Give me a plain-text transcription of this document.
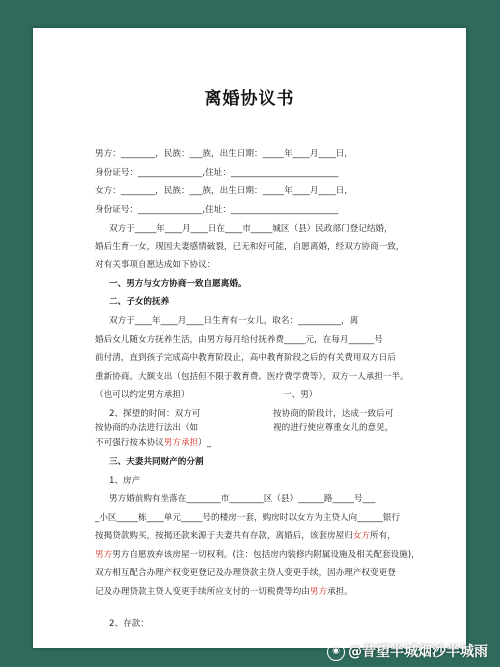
离婚协议书
男方：________，民族：___族，出生日期：_____年____月____日，
身份证号：_______________,住址：_________________________
女方：________，民族：___族，出生日期：_____年____月____日，
身份证号：_______________,住址：_________________________
双方于_____年____月____日在____市_____城区（县）民政部门登记结婚，
婚后生育一女，现因夫妻感情破裂，已无和好可能，自愿离婚，经双方协商一致，
对有关事项自愿达成如下协议：
一、男方与女方协商一致自愿离婚。
二、子女的抚养
双方于____年____月____日生育有一女儿，取名：__________，离
婚后女儿随女方抚养生活，由男方每月给付抚养费_____元，在每月______号
前付清，直到孩子完成高中教育阶段止，高中教育阶段之后的有关费用双方日后
重新协商。大额支出（包括但不限于教育费、医疗费学费等），双方一人承担一半。
（也可以约定男方承担）	一、男）
2、探望的时间：双方可	按协商的阶段计，达成一致后可
按协商的办法进行法出（如	视的进行使应尊重女儿的意见，
不可强行按本协议男方承担）_
三、夫妻共同财产的分割
1、房产
男方婚前购有坐落在________市________区（县）______路_____号___
_小区_____栋____单元_____号的楼房一套，购房时以女方为主贷人向______银行
按揭贷款购买，按揭还款来源于夫妻共有存款，离婚后，该套房屋归女方所有，
男方男方自愿放弃该房屋一切权利。(注：包括房内装修内附属设施及相关配套设施)，
双方相互配合办理产权变更登记及办理贷款主贷人变更手续，因办理产权变更登
记及办理贷款主贷人变更手续所应支付的一切税费等均由男方承担。
2、存款：
◉ @昔望半城烟沙半城雨
